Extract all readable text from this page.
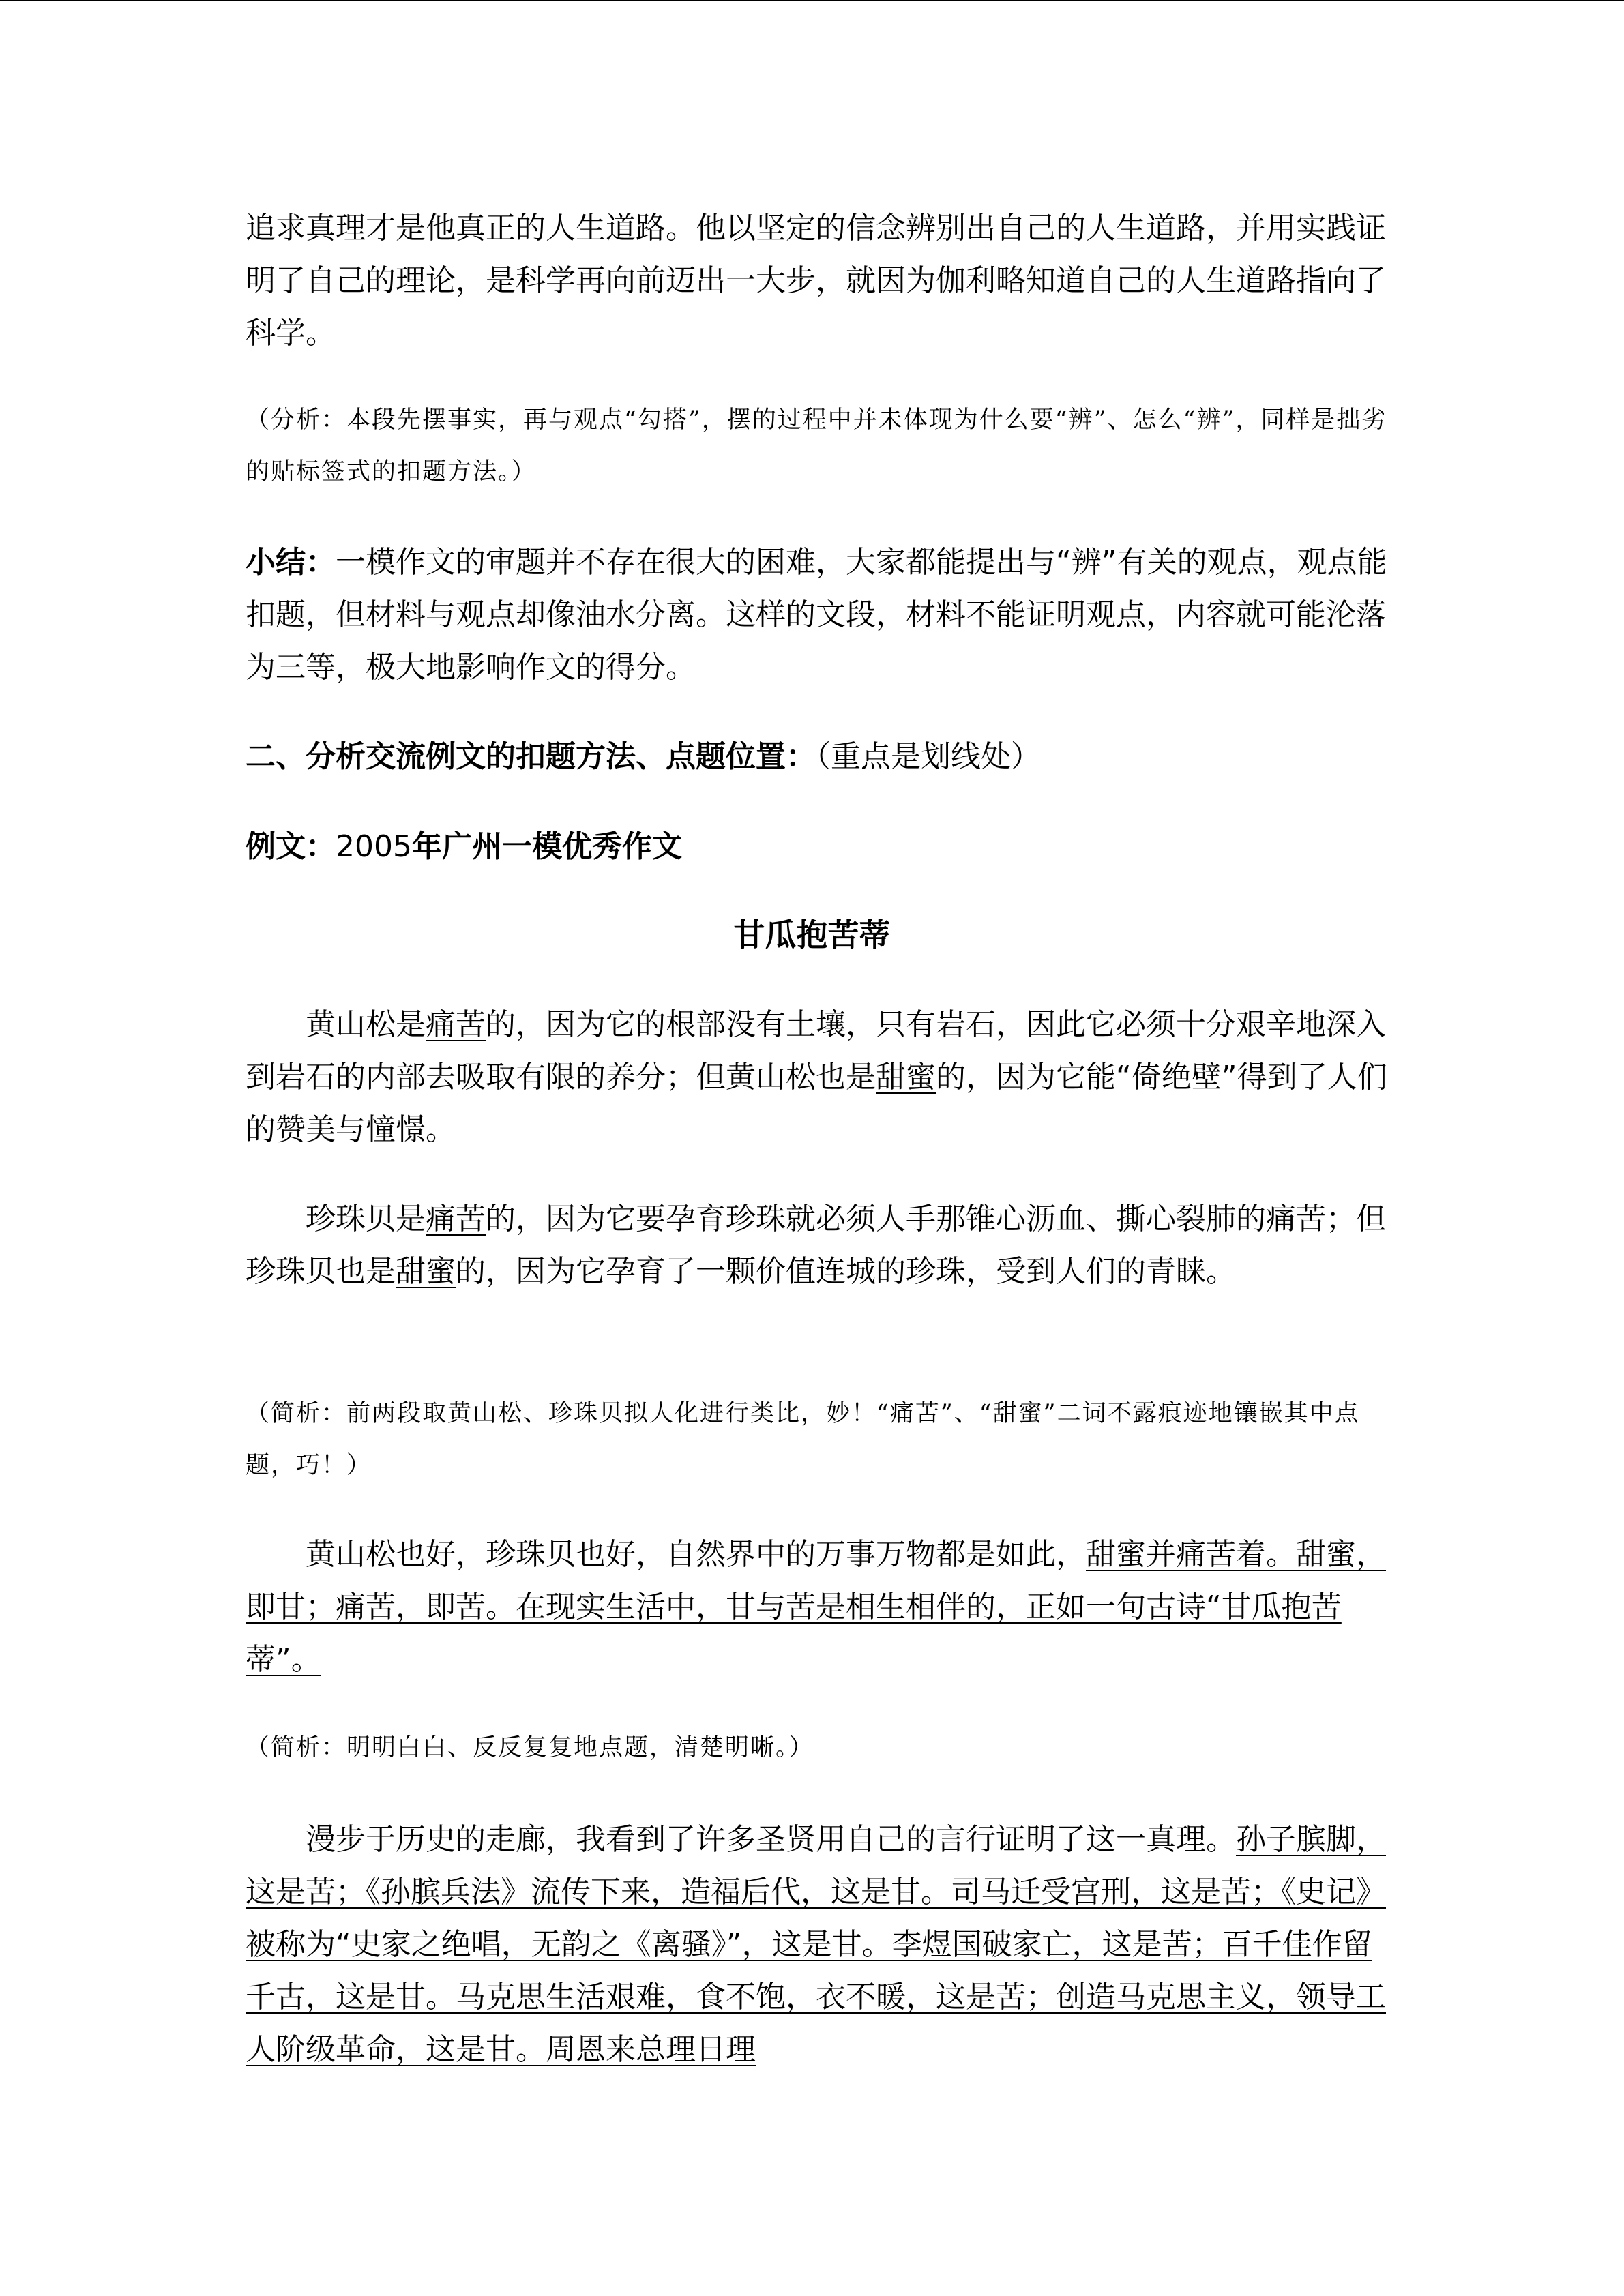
追求真理才是他真正的人生道路。他以坚定的信念辨别出自己的人生道路，并用实践证明了自己的理论，是科学再向前迈出一大步，就因为伽利略知道自己的人生道路指向了科学。
（分析：本段先摆事实，再与观点“勾搭”，摆的过程中并未体现为什么要“辨”、怎么“辨”，同样是拙劣的贴标签式的扣题方法。）
小结：一模作文的审题并不存在很大的困难，大家都能提出与“辨”有关的观点，观点能扣题，但材料与观点却像油水分离。这样的文段，材料不能证明观点，内容就可能沦落为三等，极大地影响作文的得分。
二、分析交流例文的扣题方法、点题位置：（重点是划线处）
例文：2005年广州一模优秀作文
甘瓜抱苦蒂
黄山松是痛苦的，因为它的根部没有土壤，只有岩石，因此它必须十分艰辛地深入到岩石的内部去吸取有限的养分；但黄山松也是甜蜜的，因为它能“倚绝壁”得到了人们的赞美与憧憬。
珍珠贝是痛苦的，因为它要孕育珍珠就必须人手那锥心沥血、撕心裂肺的痛苦；但珍珠贝也是甜蜜的，因为它孕育了一颗价值连城的珍珠，受到人们的青睐。
（简析：前两段取黄山松、珍珠贝拟人化进行类比，妙！“痛苦”、“甜蜜”二词不露痕迹地镶嵌其中点题，巧！）
黄山松也好，珍珠贝也好，自然界中的万事万物都是如此，甜蜜并痛苦着。甜蜜，即甘；痛苦，即苦。在现实生活中，甘与苦是相生相伴的，正如一句古诗“甘瓜抱苦蒂”。
（简析：明明白白、反反复复地点题，清楚明晰。）
漫步于历史的走廊，我看到了许多圣贤用自己的言行证明了这一真理。孙子膑脚，这是苦；《孙膑兵法》流传下来，造福后代，这是甘。司马迁受宫刑，这是苦；《史记》被称为“史家之绝唱，无韵之《离骚》”，这是甘。李煜国破家亡，这是苦；百千佳作留千古，这是甘。马克思生活艰难，食不饱，衣不暖，这是苦；创造马克思主义，领导工人阶级革命，这是甘。周恩来总理日理
